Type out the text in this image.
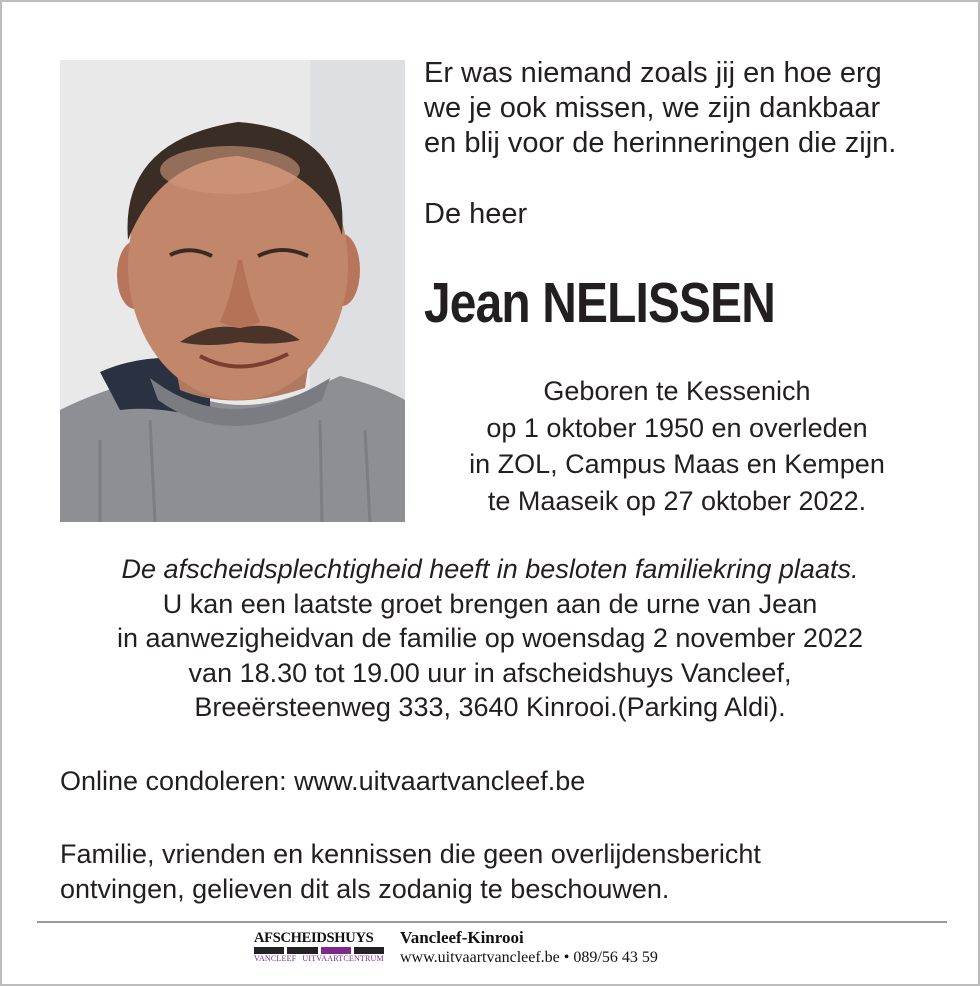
Er was niemand zoals jij en hoe erg
we je ook missen, we zijn dankbaar
en blij voor de herinneringen die zijn.

De heer

Jean NELISSEN

Geboren te Kessenich
op 1 oktober 1950 en overleden
in ZOL, Campus Maas en Kempen
te Maaseik op 27 oktober 2022.

De afscheidsplechtigheid heeft in besloten familiekring plaats.
U kan een laatste groet brengen aan de urne van Jean
in aanwezigheidvan de familie op woensdag 2 november 2022
van 18.30 tot 19.00 uur in afscheidshuys Vancleef,
Breeërsteenweg 333, 3640 Kinrooi.(Parking Aldi).

Online condoleren: www.uitvaartvancleef.be

Familie, vrienden en kennissen die geen overlijdensbericht
ontvingen, gelieven dit als zodanig te beschouwen.

AFSCHEIDSHUYS
VANCLEEF UITVAARTCENTRUM
Vancleef-Kinrooi
www.uitvaartvancleef.be • 089/56 43 59
